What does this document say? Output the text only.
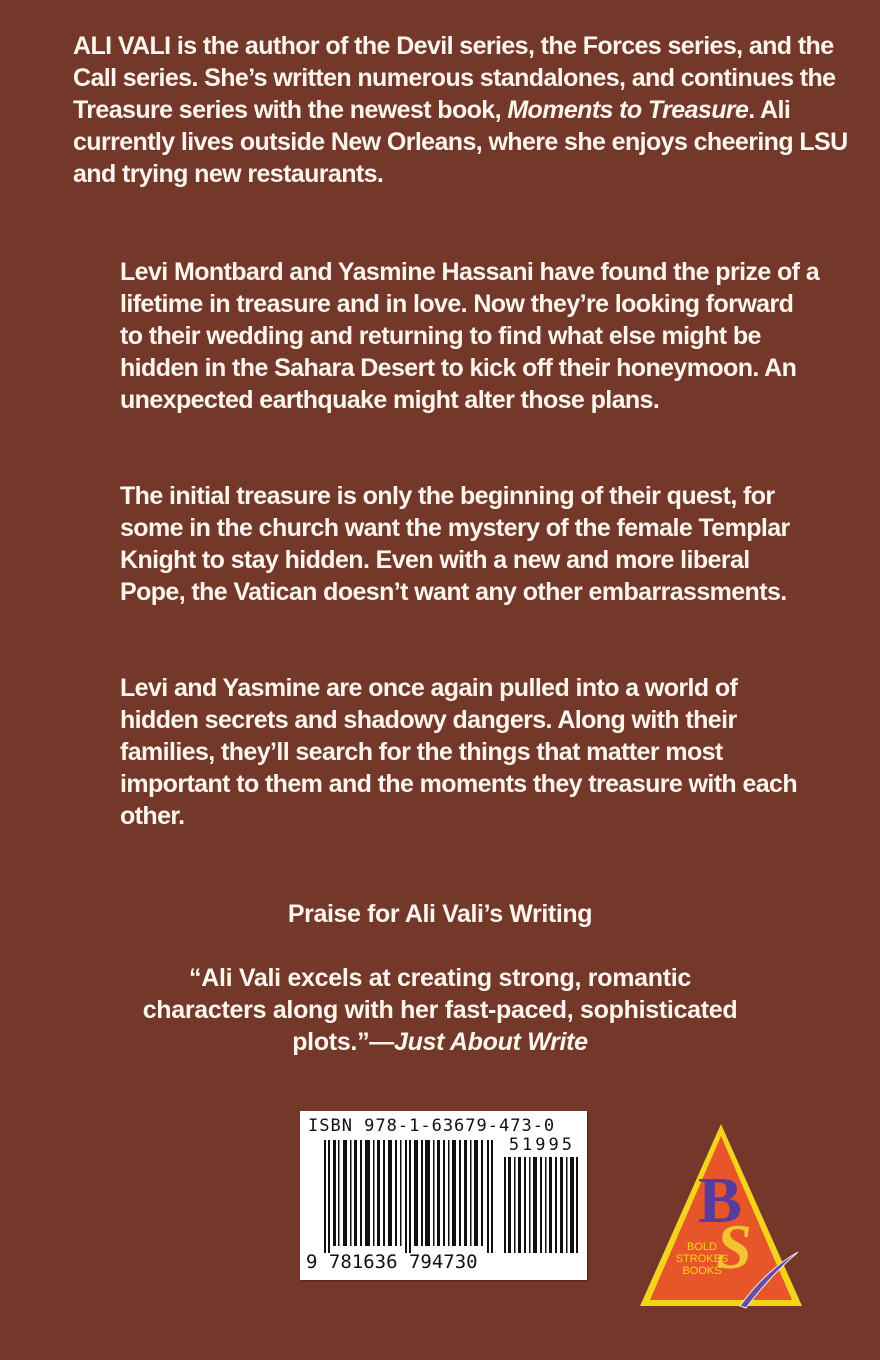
ALI VALI is the author of the Devil series, the Forces series, and the Call series. She’s written numerous standalones, and continues the Treasure series with the newest book, Moments to Treasure. Ali currently lives outside New Orleans, where she enjoys cheering LSU and trying new restaurants.

Levi Montbard and Yasmine Hassani have found the prize of a lifetime in treasure and in love. Now they’re looking forward to their wedding and returning to find what else might be hidden in the Sahara Desert to kick off their honeymoon. An unexpected earthquake might alter those plans.

The initial treasure is only the beginning of their quest, for some in the church want the mystery of the female Templar Knight to stay hidden. Even with a new and more liberal Pope, the Vatican doesn’t want any other embarrassments.

Levi and Yasmine are once again pulled into a world of hidden secrets and shadowy dangers. Along with their families, they’ll search for the things that matter most important to them and the moments they treasure with each other.

Praise for Ali Vali’s Writing

“Ali Vali excels at creating strong, romantic characters along with her fast-paced, sophisticated plots.”—Just About Write

ISBN 978-1-63679-473-0
51995
9 781636 794730
B
S
BOLD
STROKES
BOOKS
